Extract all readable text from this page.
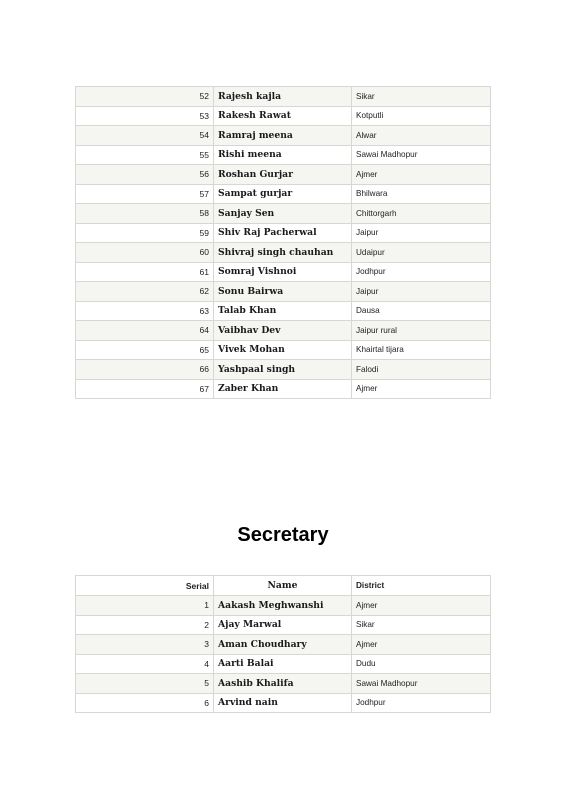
52	Rajesh kajla	Sikar
53	Rakesh Rawat	Kotputli
54	Ramraj meena	Alwar
55	Rishi meena	Sawai Madhopur
56	Roshan Gurjar	Ajmer
57	Sampat gurjar	Bhilwara
58	Sanjay Sen	Chittorgarh
59	Shiv Raj Pacherwal	Jaipur
60	Shivraj singh chauhan	Udaipur
61	Somraj Vishnoi	Jodhpur
62	Sonu Bairwa	Jaipur
63	Talab Khan	Dausa
64	Vaibhav Dev	Jaipur rural
65	Vivek Mohan	Khairtal tijara
66	Yashpaal singh	Falodi
67	Zaber Khan	Ajmer
Secretary
Serial	Name	District
1	Aakash Meghwanshi	Ajmer
2	Ajay Marwal	Sikar
3	Aman Choudhary	Ajmer
4	Aarti Balai	Dudu
5	Aashib Khalifa	Sawai Madhopur
6	Arvind nain	Jodhpur
